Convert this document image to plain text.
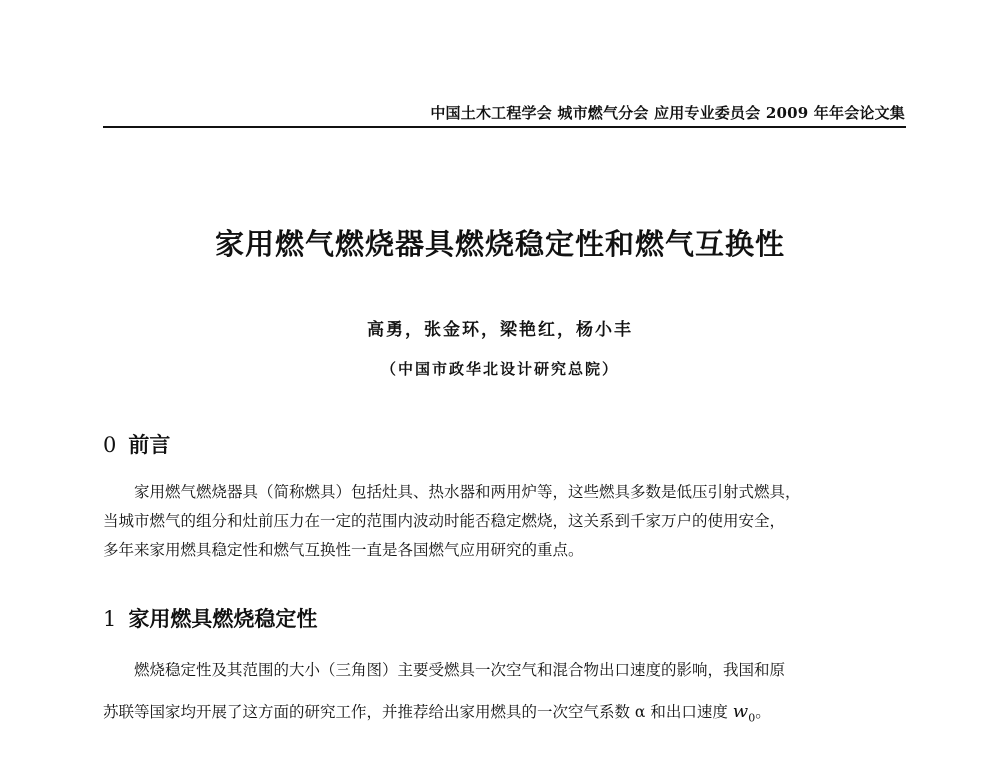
中国土木工程学会 城市燃气分会 应用专业委员会 2009 年年会论文集
家用燃气燃烧器具燃烧稳定性和燃气互换性
高勇，张金环，梁艳红，杨小丰
（中国市政华北设计研究总院）
0 前言
家用燃气燃烧器具（简称燃具）包括灶具、热水器和两用炉等，这些燃具多数是低压引射式燃具，
当城市燃气的组分和灶前压力在一定的范围内波动时能否稳定燃烧，这关系到千家万户的使用安全，
多年来家用燃具稳定性和燃气互换性一直是各国燃气应用研究的重点。
1 家用燃具燃烧稳定性
燃烧稳定性及其范围的大小（三角图）主要受燃具一次空气和混合物出口速度的影响，我国和原
苏联等国家均开展了这方面的研究工作，并推荐给出家用燃具的一次空气系数 α 和出口速度 $w_0$。
